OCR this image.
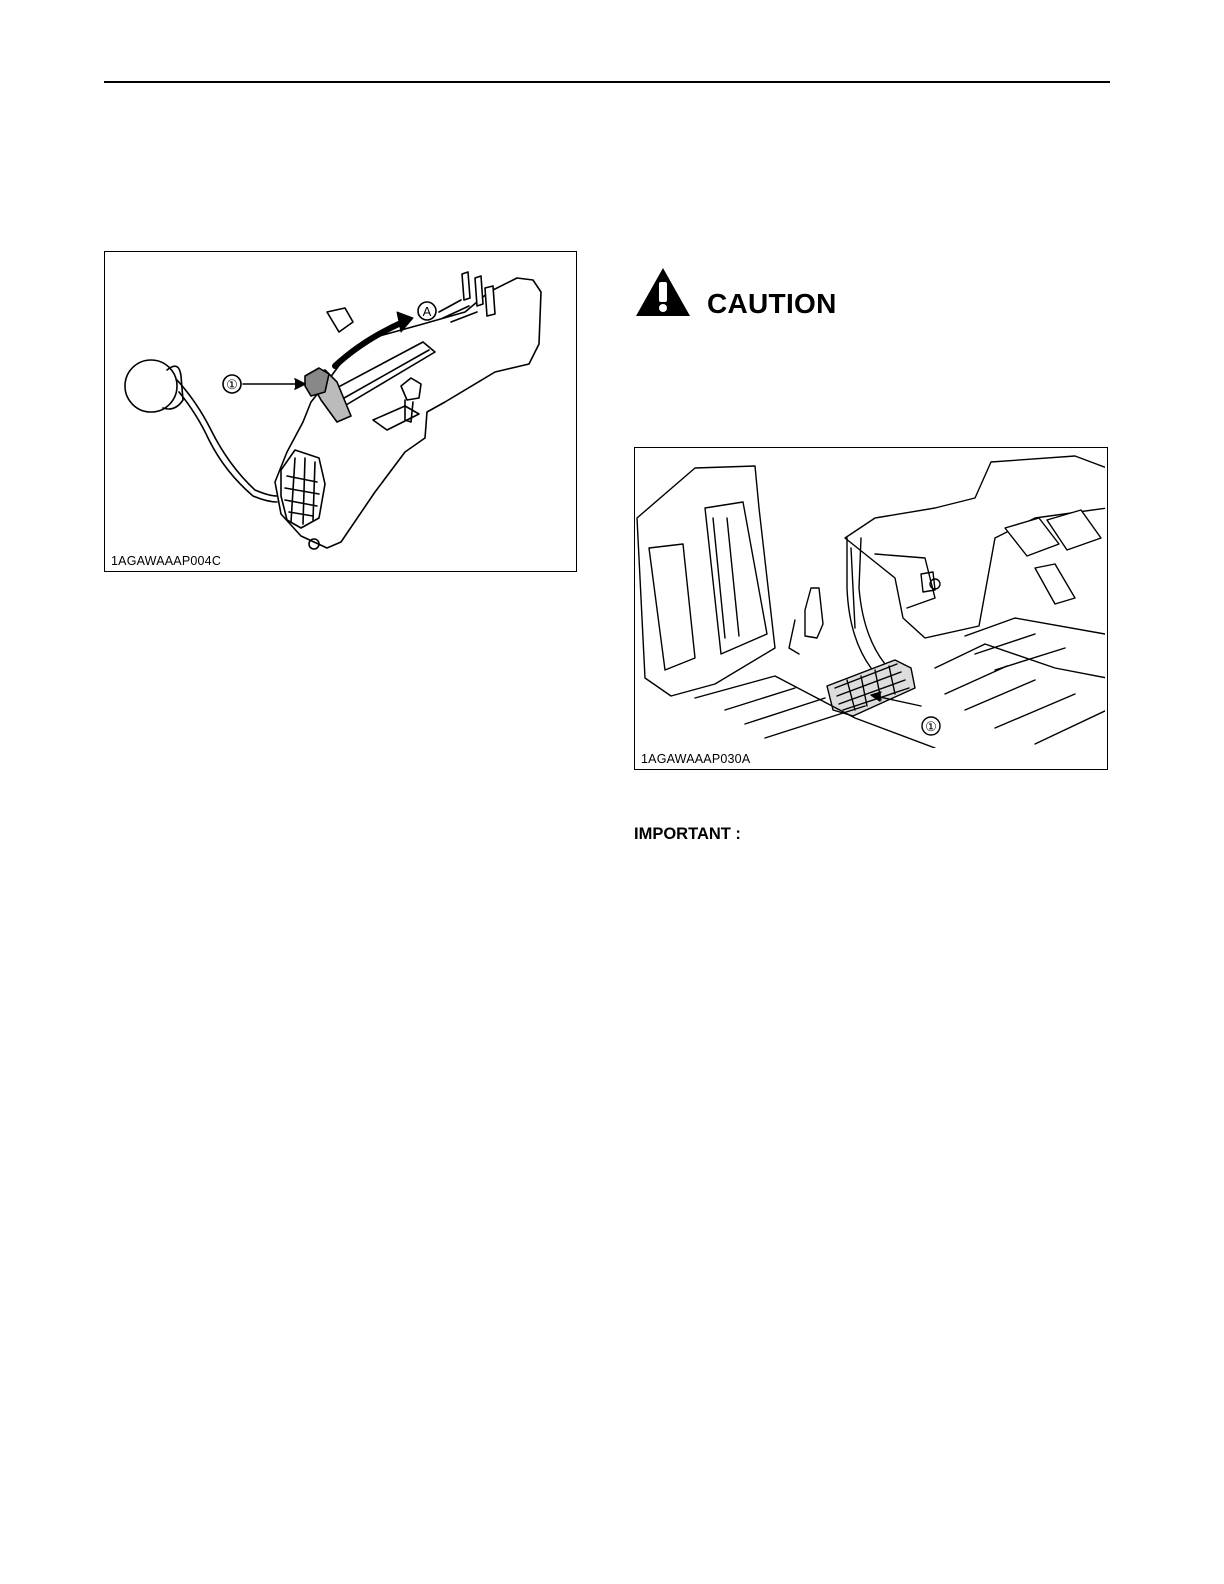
A
①
1AGAWAAAP004C
CAUTION
①
1AGAWAAAP030A
IMPORTANT :
